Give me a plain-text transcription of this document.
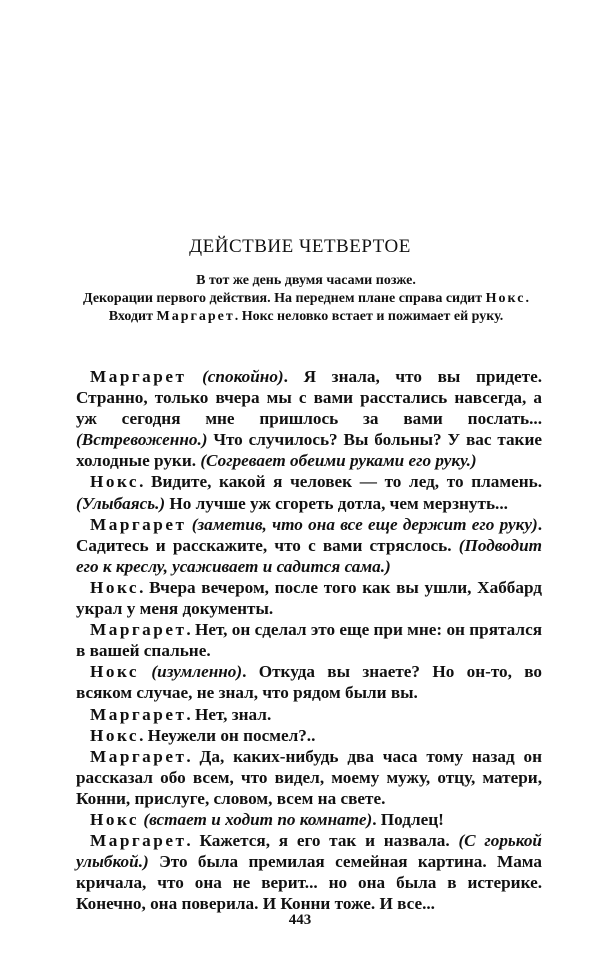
ДЕЙСТВИЕ ЧЕТВЕРТОЕ
В тот же день двумя часами позже.
Декорации первого действия. На переднем плане справа сидит Нокс. Входит Маргарет. Нокс неловко встает и пожимает ей руку.

Маргарет (спокойно). Я знала, что вы придете. Странно, только вчера мы с вами расстались навсегда, а уж сегодня мне пришлось за вами послать... (Встревоженно.) Что случилось? Вы больны? У вас такие холодные руки. (Согревает обеими руками его руку.)

Нокс. Видите, какой я человек — то лед, то пламень. (Улыбаясь.) Но лучше уж сгореть дотла, чем мерзнуть...

Маргарет (заметив, что она все еще держит его руку). Садитесь и расскажите, что с вами стряслось. (Подводит его к креслу, усаживает и садится сама.)

Нокс. Вчера вечером, после того как вы ушли, Хаббард украл у меня документы.

Маргарет. Нет, он сделал это еще при мне: он прятался в вашей спальне.

Нокс (изумленно). Откуда вы знаете? Но он-то, во всяком случае, не знал, что рядом были вы.

Маргарет. Нет, знал.

Нокс. Неужели он посмел?..

Маргарет. Да, каких-нибудь два часа тому назад он рассказал обо всем, что видел, моему мужу, отцу, матери, Конни, прислуге, словом, всем на свете.

Нокс (встает и ходит по комнате). Подлец!

Маргарет. Кажется, я его так и назвала. (С горькой улыбкой.) Это была премилая семейная картина. Мама кричала, что она не верит... но она была в истерике. Конечно, она поверила. И Конни тоже. И все...

443
